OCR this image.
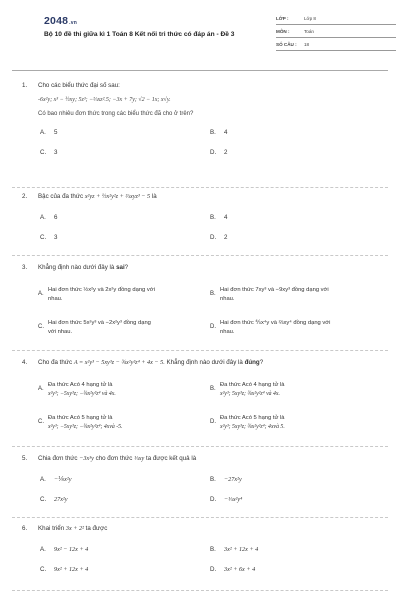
2048.vn
Bộ 10 đề thi giữa kì 1 Toán 8 Kết nối tri thức có đáp án - Đề 3
LỚP :	Lớp 8
MÔN :	Toán
SỐ CÂU :	18
1.	Cho các biểu thức đại số sau:
-6x²y; x³ − ½xy; 5z³; −⅔xz².5; −3x + 7y; √2 − 1x; x√y.
Có bao nhiêu đơn thức trong các biểu thức đã cho ở trên?
A. 5	B. 4
C. 3	D. 2
2.	Bậc của đa thức x²yz + ½x²y²z + ⅔xyz³ − 5 là
A. 6	B. 4
C. 3	D. 2
3.	Khẳng định nào dưới đây là sai?
A.
Hai đơn thức ½x²y và 2x²y đồng dạng với
nhau.
B.
Hai đơn thức 7xy³ và −9xy³ đồng dạng với
nhau.
C.
Hai đơn thức 5x²y³ và −2x²y³ đồng dạng
với nhau.
D.
Hai đơn thức ⅘x⁴y và ⅔xy⁴ đồng dạng với
nhau.
4.	Cho đa thức A = x²y³ − 5xy³z − ¾x²y²z⁴ + 4x − 5. Khẳng định nào dưới đây là đúng?
A.
Đa thức Acó 4 hạng tử là
x²y³; −5xy³z; −¾x²y²z⁴ và 4x.
B.
Đa thức Acó 4 hạng tử là
x²y³; 5xy³z; ¾x²y²z⁴ và 4x.
C.
Đa thức Acó 5 hạng tử là
x²y³; −5xy³z; −¾x²y²z⁴; 4xvà -5.
D.
Đa thức Acó 5 hạng tử là
x²y³; 5xy³z; ¾x²y²z⁴; 4xvà 5.
5.	Chia đơn thức −3x³y cho đơn thức ⅓xy ta được kết quả là
A. −⅙x²y	B. −27x²y
C. 27x²y	D. −⅓x²y⁴
6.	Khai triển 3x + 2² ta được
A. 9x² − 12x + 4	B. 3x² + 12x + 4
C. 9x² + 12x + 4	D. 3x² + 6x + 4
